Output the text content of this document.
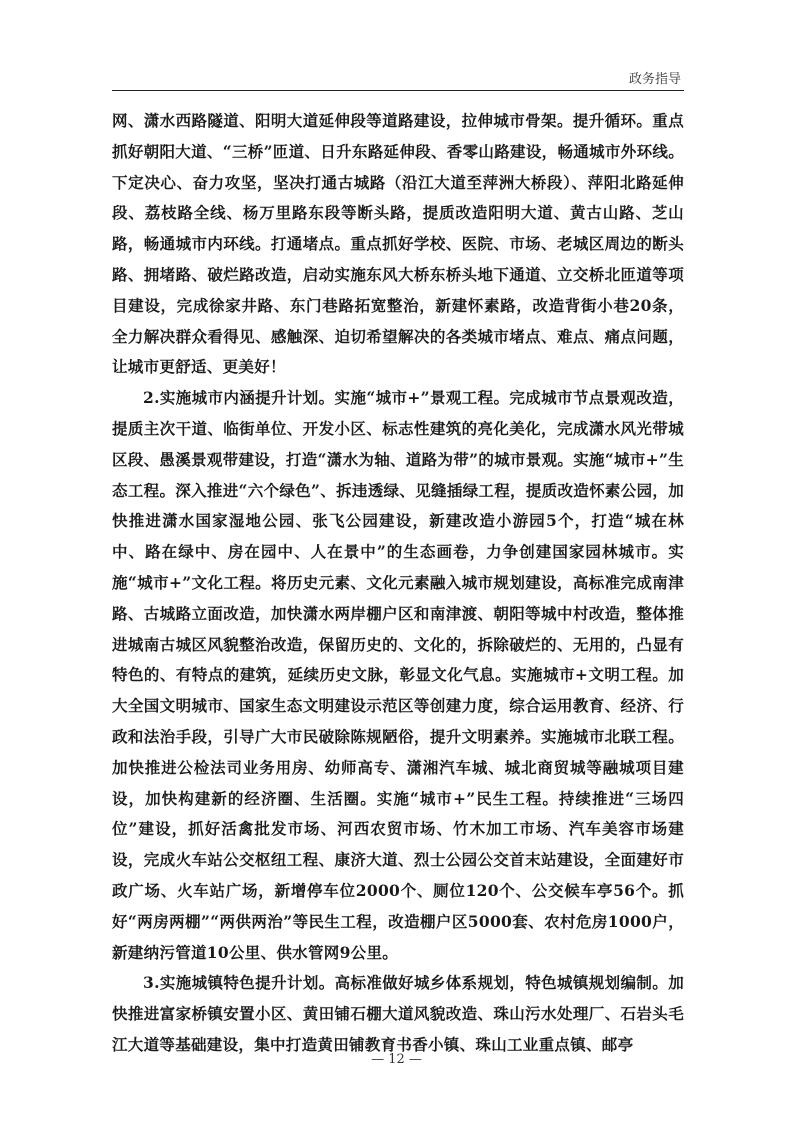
政务指导

网、潇水西路隧道、阳明大道延伸段等道路建设，拉伸城市骨架。提升循环。重点抓好朝阳大道、“三桥”匝道、日升东路延伸段、香零山路建设，畅通城市外环线。下定决心、奋力攻坚，坚决打通古城路（沿江大道至萍洲大桥段）、萍阳北路延伸段、荔枝路全线、杨万里路东段等断头路，提质改造阳明大道、黄古山路、芝山路，畅通城市内环线。打通堵点。重点抓好学校、医院、市场、老城区周边的断头路、拥堵路、破烂路改造，启动实施东风大桥东桥头地下通道、立交桥北匝道等项目建设，完成徐家井路、东门巷路拓宽整治，新建怀素路，改造背街小巷20条，全力解决群众看得见、感触深、迫切希望解决的各类城市堵点、难点、痛点问题，让城市更舒适、更美好！

2.实施城市内涵提升计划。实施“城市+”景观工程。完成城市节点景观改造，提质主次干道、临街单位、开发小区、标志性建筑的亮化美化，完成潇水风光带城区段、愚溪景观带建设，打造“潇水为轴、道路为带”的城市景观。实施“城市+”生态工程。深入推进“六个绿色”、拆违透绿、见缝插绿工程，提质改造怀素公园，加快推进潇水国家湿地公园、张飞公园建设，新建改造小游园5个，打造“城在林中、路在绿中、房在园中、人在景中”的生态画卷，力争创建国家园林城市。实施“城市+”文化工程。将历史元素、文化元素融入城市规划建设，高标准完成南津路、古城路立面改造，加快潇水两岸棚户区和南津渡、朝阳等城中村改造，整体推进城南古城区风貌整治改造，保留历史的、文化的，拆除破烂的、无用的，凸显有特色的、有特点的建筑，延续历史文脉，彰显文化气息。实施城市+文明工程。加大全国文明城市、国家生态文明建设示范区等创建力度，综合运用教育、经济、行政和法治手段，引导广大市民破除陈规陋俗，提升文明素养。实施城市北联工程。加快推进公检法司业务用房、幼师高专、潇湘汽车城、城北商贸城等融城项目建设，加快构建新的经济圈、生活圈。实施“城市+”民生工程。持续推进“三场四位”建设，抓好活禽批发市场、河西农贸市场、竹木加工市场、汽车美容市场建设，完成火车站公交枢纽工程、康济大道、烈士公园公交首末站建设，全面建好市政广场、火车站广场，新增停车位2000个、厕位120个、公交候车亭56个。抓好“两房两棚”“两供两治”等民生工程，改造棚户区5000套、农村危房1000户，新建纳污管道10公里、供水管网9公里。

3.实施城镇特色提升计划。高标准做好城乡体系规划，特色城镇规划编制。加快推进富家桥镇安置小区、黄田铺石棚大道风貌改造、珠山污水处理厂、石岩头毛江大道等基础建设，集中打造黄田铺教育书香小镇、珠山工业重点镇、邮亭

— 12 —
